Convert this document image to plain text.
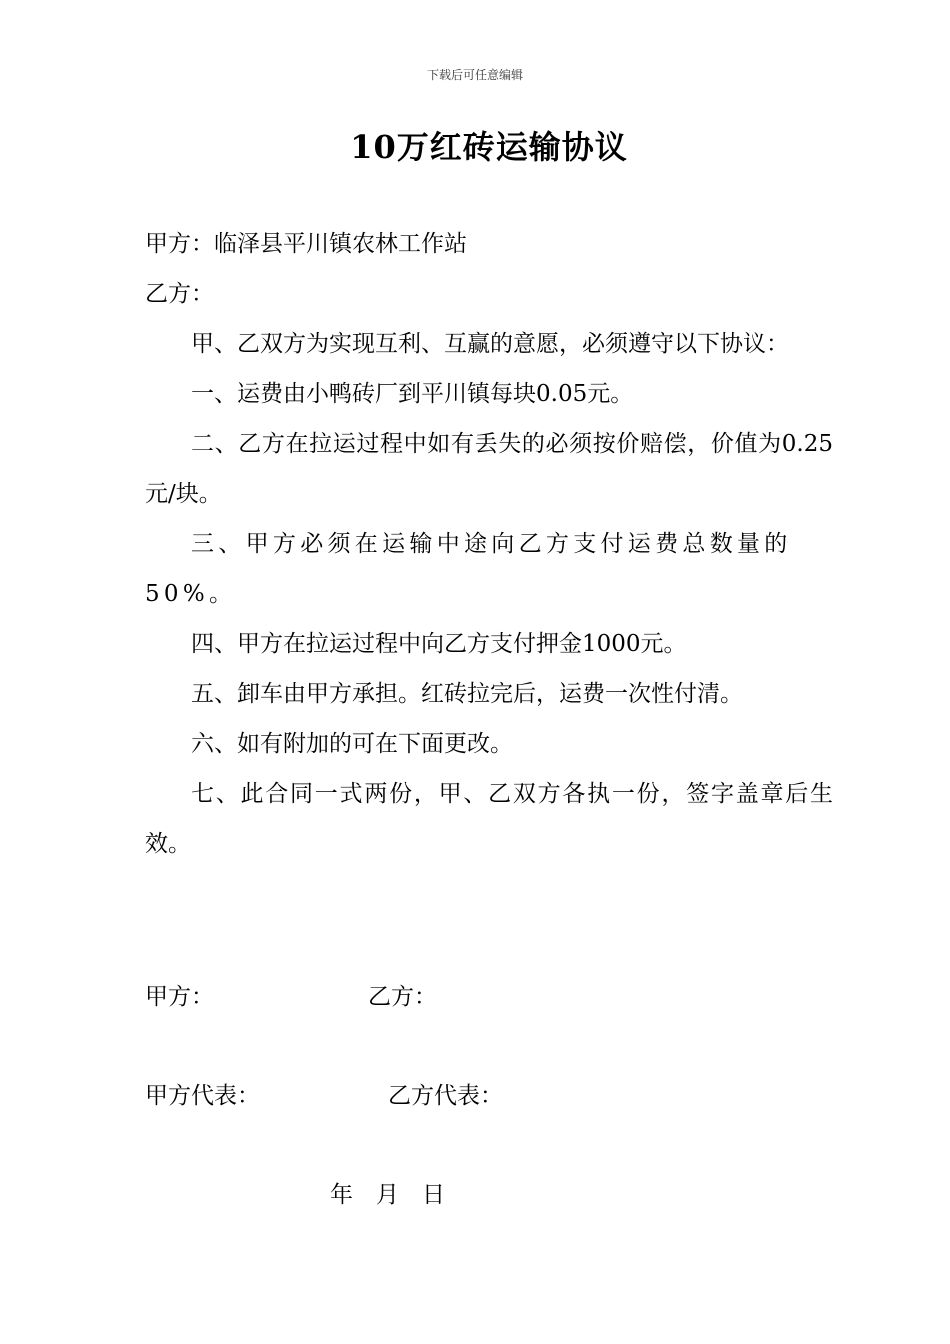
下载后可任意编辑
10万红砖运输协议
甲方：临泽县平川镇农林工作站
乙方：
甲、乙双方为实现互利、互赢的意愿，必须遵守以下协议：
一、运费由小鸭砖厂到平川镇每块0.05元。
二、乙方在拉运过程中如有丢失的必须按价赔偿，价值为0.25元/块。
三、甲方必须在运输中途向乙方支付运费总数量的50%。
四、甲方在拉运过程中向乙方支付押金1000元。
五、卸车由甲方承担。红砖拉完后，运费一次性付清。
六、如有附加的可在下面更改。
七、此合同一式两份，甲、乙双方各执一份，签字盖章后生效。
甲方：	乙方：
甲方代表：	乙方代表：
年　月　日
